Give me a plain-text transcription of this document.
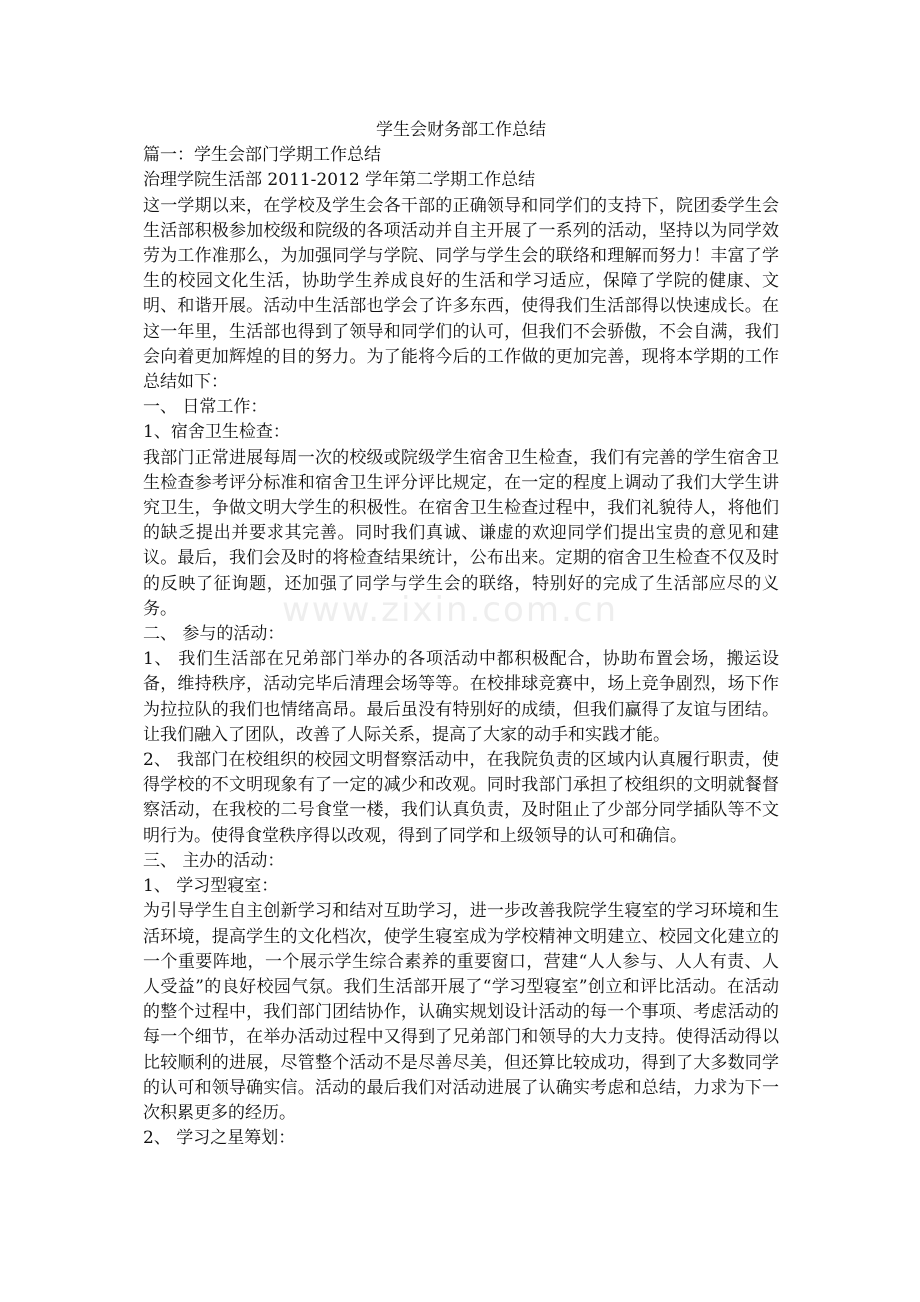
学生会财务部工作总结

篇一：学生会部门学期工作总结

治理学院生活部 2011-2012 学年第二学期工作总结

这一学期以来，在学校及学生会各干部的正确领导和同学们的支持下，院团委学生会生活部积极参加校级和院级的各项活动并自主开展了一系列的活动，坚持以为同学效劳为工作准那么，为加强同学与学院、同学与学生会的联络和理解而努力！丰富了学生的校园文化生活，协助学生养成良好的生活和学习适应，保障了学院的健康、文明、和谐开展。活动中生活部也学会了许多东西，使得我们生活部得以快速成长。在这一年里，生活部也得到了领导和同学们的认可，但我们不会骄傲，不会自满，我们会向着更加辉煌的目的努力。为了能将今后的工作做的更加完善，现将本学期的工作总结如下：

一、 日常工作：

1、宿舍卫生检查：

我部门正常进展每周一次的校级或院级学生宿舍卫生检查，我们有完善的学生宿舍卫生检查参考评分标准和宿舍卫生评分评比规定，在一定的程度上调动了我们大学生讲究卫生，争做文明大学生的积极性。在宿舍卫生检查过程中，我们礼貌待人，将他们的缺乏提出并要求其完善。同时我们真诚、谦虚的欢迎同学们提出宝贵的意见和建议。最后，我们会及时的将检查结果统计，公布出来。定期的宿舍卫生检查不仅及时的反映了征询题，还加强了同学与学生会的联络，特别好的完成了生活部应尽的义务。

二、 参与的活动：

1、 我们生活部在兄弟部门举办的各项活动中都积极配合，协助布置会场，搬运设备，维持秩序，活动完毕后清理会场等等。在校排球竞赛中，场上竞争剧烈，场下作为拉拉队的我们也情绪高昂。最后虽没有特别好的成绩，但我们赢得了友谊与团结。让我们融入了团队，改善了人际关系，提高了大家的动手和实践才能。

2、 我部门在校组织的校园文明督察活动中，在我院负责的区域内认真履行职责，使得学校的不文明现象有了一定的减少和改观。同时我部门承担了校组织的文明就餐督察活动，在我校的二号食堂一楼，我们认真负责，及时阻止了少部分同学插队等不文明行为。使得食堂秩序得以改观，得到了同学和上级领导的认可和确信。

三、 主办的活动：

1、 学习型寝室：

为引导学生自主创新学习和结对互助学习，进一步改善我院学生寝室的学习环境和生活环境，提高学生的文化档次，使学生寝室成为学校精神文明建立、校园文化建立的一个重要阵地，一个展示学生综合素养的重要窗口，营建“人人参与、人人有责、人人受益”的良好校园气氛。我们生活部开展了“学习型寝室”创立和评比活动。在活动的整个过程中，我们部门团结协作，认确实规划设计活动的每一个事项、考虑活动的每一个细节，在举办活动过程中又得到了兄弟部门和领导的大力支持。使得活动得以比较顺利的进展，尽管整个活动不是尽善尽美，但还算比较成功，得到了大多数同学的认可和领导确实信。活动的最后我们对活动进展了认确实考虑和总结，力求为下一次积累更多的经历。

2、 学习之星筹划：

www.zixin.com.cn
